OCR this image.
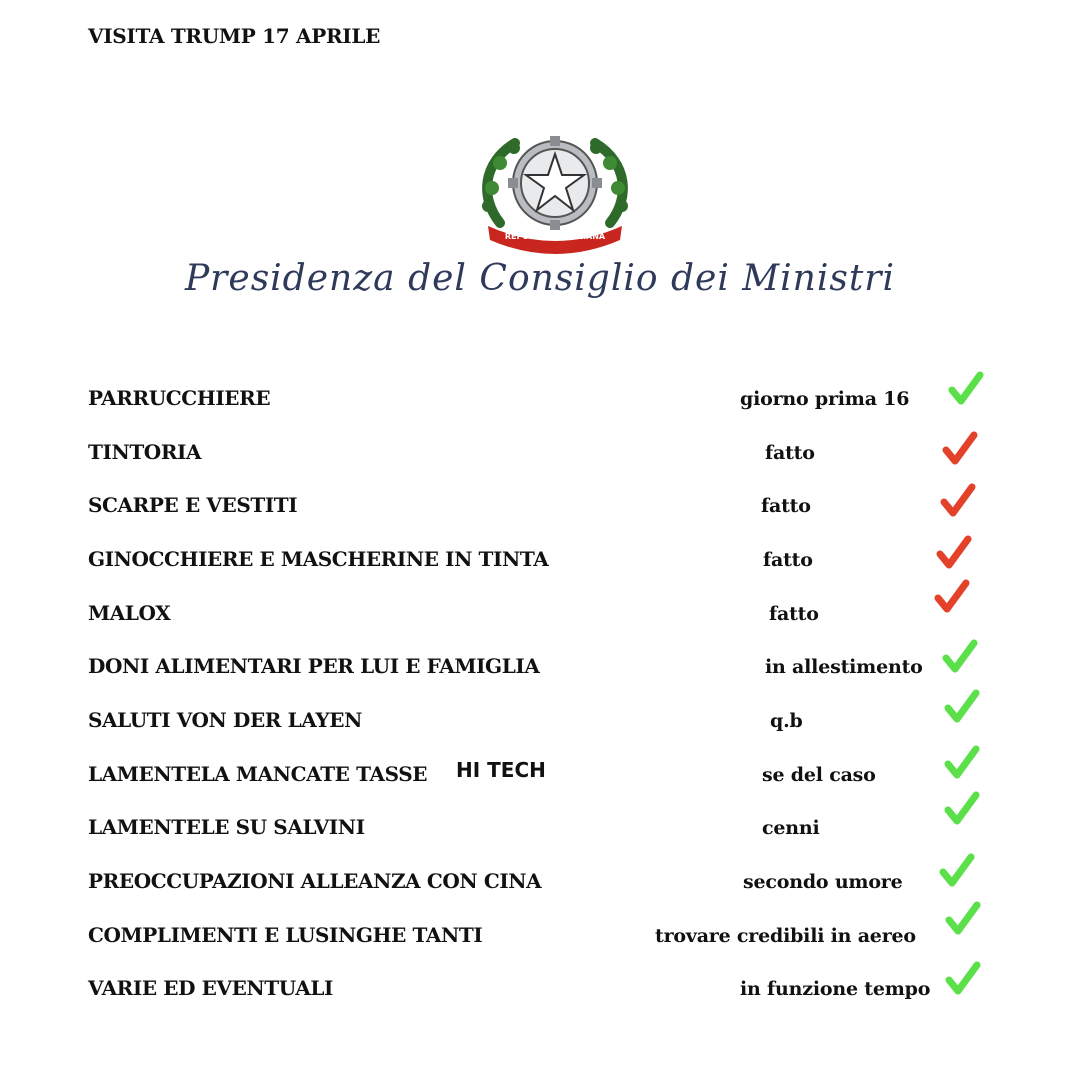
VISITA TRUMP 17 APRILE
REPUBBLICA ITALIANA
Presidenza del Consiglio dei Ministri
PARRUCCHIERE	giorno prima 16
TINTORIA	fatto
SCARPE E VESTITI	fatto
GINOCCHIERE E MASCHERINE IN TINTA	fatto
MALOX	fatto
DONI ALIMENTARI PER LUI E FAMIGLIA	in allestimento
SALUTI VON DER LAYEN	q.b
LAMENTELA MANCATE TASSE HI TECH	se del caso
LAMENTELE SU SALVINI	cenni
PREOCCUPAZIONI ALLEANZA CON CINA	secondo umore
COMPLIMENTI E LUSINGHE TANTI	trovare credibili in aereo
VARIE ED EVENTUALI	in funzione tempo
